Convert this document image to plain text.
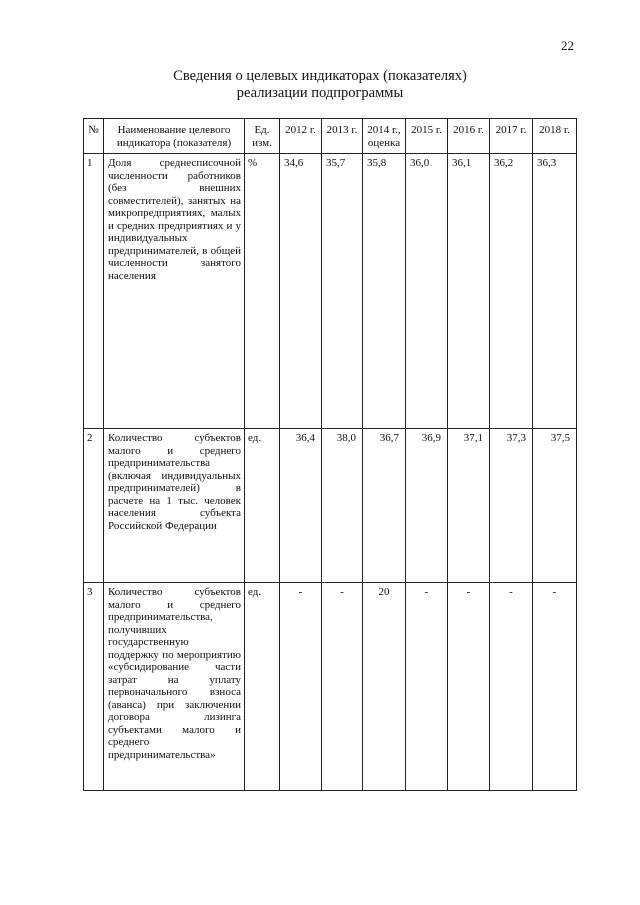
22
Сведения о целевых индикаторах (показателях)
реализации подпрограммы
№	Наименование целевого индикатора (показателя)	Ед. изм.	2012 г.	2013 г.	2014 г., оценка	2015 г.	2016 г.	2017 г.	2018 г.
1	Доля среднесписочной численности работников (без внешних совместителей), занятых на микропредприятиях, малых и средних предприятиях и у индивидуальных предпринимателей, в общей численности занятого населения	%	34,6	35,7	35,8	36,0	36,1	36,2	36,3
2	Количество субъектов малого и среднего предпринимательства (включая индивидуальных предпринимателей) в расчете на 1 тыс. человек населения субъекта Российской Федерации	ед.	36,4	38,0	36,7	36,9	37,1	37,3	37,5
3	Количество субъектов малого и среднего предпринимательства, получивших государственную поддержку по мероприятию «субсидирование части затрат на уплату первоначального взноса (аванса) при заключении договора лизинга субъектами малого и среднего предпринимательства»	ед.	-	-	20	-	-	-	-
